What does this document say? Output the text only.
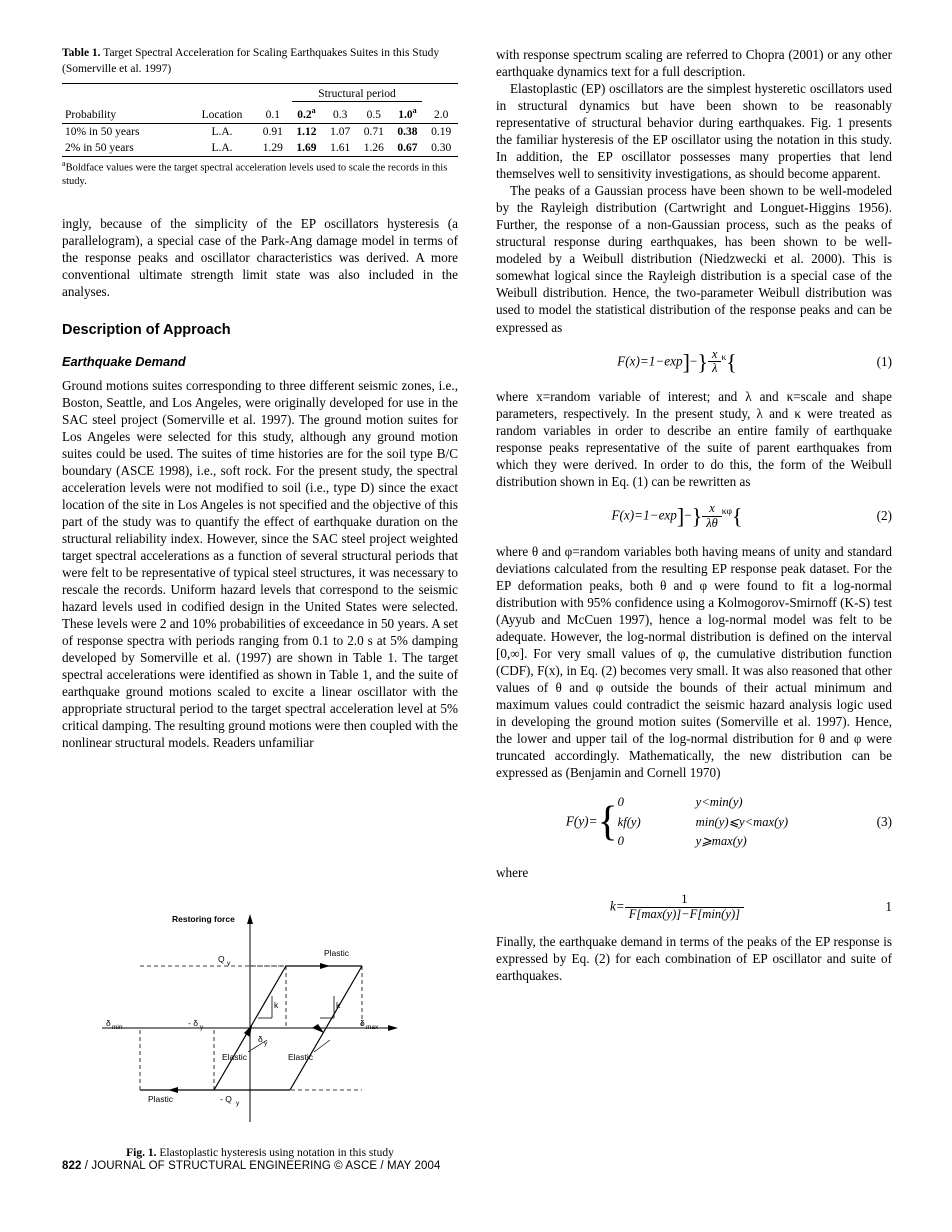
Table 1. Target Spectral Acceleration for Scaling Earthquakes Suites in this Study (Somerville et al. 1997)
		Structural period					
Probability	Location	0.1	0.2$^a$	0.3	0.5	1.0$^a$	2.0
10% in 50 years	L.A.	0.91	1.12	1.07	0.71	0.38	0.19
2% in 50 years	L.A.	1.29	1.69	1.61	1.26	0.67	0.30
$^a$Boldface values were the target spectral acceleration levels used to scale the records in this study.

ingly, because of the simplicity of the EP oscillators hysteresis (a parallelogram), a special case of the Park-Ang damage model in terms of the response peaks and oscillator characteristics was derived. A more conventional ultimate strength limit state was also included in the analyses.

Description of Approach
Earthquake Demand

Ground motions suites corresponding to three different seismic zones, i.e., Boston, Seattle, and Los Angeles, were originally developed for use in the SAC steel project (Somerville et al. 1997). The ground motion suites for Los Angeles were selected for this study, although any ground motion suites could be used. The suites of time histories are for the soil type B/C boundary (ASCE 1998), i.e., soft rock. For the present study, the spectral acceleration levels were not modified to soil (i.e., type D) since the exact location of the site in Los Angeles is not specified and the objective of this part of the study was to quantify the effect of earthquake duration on the structural reliability index. However, since the SAC steel project weighted target spectral accelerations as a function of several structural periods that were felt to be representative of typical steel structures, it was necessary to rescale the records. Uniform hazard levels that correspond to the seismic hazard levels used in codified design in the United States were selected. These levels were 2 and 10% probabilities of exceedance in 50 years. A set of response spectra with periods ranging from 0.1 to 2.0 s at 5% damping developed by Somerville et al. (1997) are shown in Table 1. The target spectral accelerations were identified as shown in Table 1, and the suite of earthquake ground motions scaled to excite a linear oscillator with the appropriate structural period to the target spectral acceleration level at 5% critical damping. The resulting ground motions were then coupled with the nonlinear structural models. Readers unfamiliar

Restoring force
Q y
Plastic
Plastic	- Q y
Elastic	Elastic
k	k
δ min	- δ y
δ y
δ max
Fig. 1. Elastoplastic hysteresis using notation in this study

with response spectrum scaling are referred to Chopra (2001) or any other earthquake dynamics text for a full description.

Elastoplastic (EP) oscillators are the simplest hysteretic oscillators used in structural dynamics but have been shown to be reasonably representative of structural behavior during earthquakes. Fig. 1 presents the familiar hysteresis of the EP oscillator using the notation in this study. In addition, the EP oscillator possesses many properties that lend themselves well to sensitivity investigations, as should become apparent.

The peaks of a Gaussian process have been shown to be well-modeled by the Rayleigh distribution (Cartwright and Longuet-Higgins 1956). Further, the response of a non-Gaussian process, such as the peaks of structural response during earthquakes, has been shown to be well-modeled by a Weibull distribution (Niedzwecki et al. 2000). This is somewhat logical since the Rayleigh distribution is a special case of the Weibull distribution. Hence, the two-parameter Weibull distribution was used to model the statistical distribution of the response peaks and can be expressed as

$F(x)=1-\exp]-\} \frac{x}{\lambda} ^\kappa${	(1)

where x=random variable of interest; and λ and κ=scale and shape parameters, respectively. In the present study, λ and κ were treated as random variables in order to describe an entire family of earthquake response peaks representative of the suite of parent earthquakes from which they were derived. In order to do this, the form of the Weibull distribution shown in Eq. (1) can be rewritten as

$F(x)=1-\exp]-\} \frac{x}{\lambda\theta} ^{\kappa\varphi}${	(2)

where θ and φ=random variables both having means of unity and standard deviations calculated from the resulting EP response peak dataset. For the EP deformation peaks, both θ and φ were found to fit a log-normal distribution with 95% confidence using a Kolmogorov-Smirnoff (K-S) test (Ayyub and McCuen 1997), hence a log-normal model was felt to be adequate. However, the log-normal distribution is defined on the interval [0,∞]. For very small values of φ, the cumulative distribution function (CDF), F(x), in Eq. (2) becomes very small. It was also reasoned that other values of θ and φ outside the bounds of their actual minimum and maximum values could contradict the seismic hazard analysis logic used in developing the ground motion suites (Somerville et al. 1997). Hence, the lower and upper tail of the log-normal distribution for θ and φ were truncated accordingly. Mathematically, the new distribution can be expressed as (Benjamin and Cornell 1970)

F(y)={ 0	y<min(y)
kf(y)	min(y)⩽y<max(y)
0	y⩾max(y)
(3)

where

$k= \frac{1}{F[\max(y)]-F[\min(y)]}$	1

Finally, the earthquake demand in terms of the peaks of the EP response is expressed by Eq. (2) for each combination of EP oscillator and suite of earthquakes.

822 / JOURNAL OF STRUCTURAL ENGINEERING © ASCE / MAY 2004
